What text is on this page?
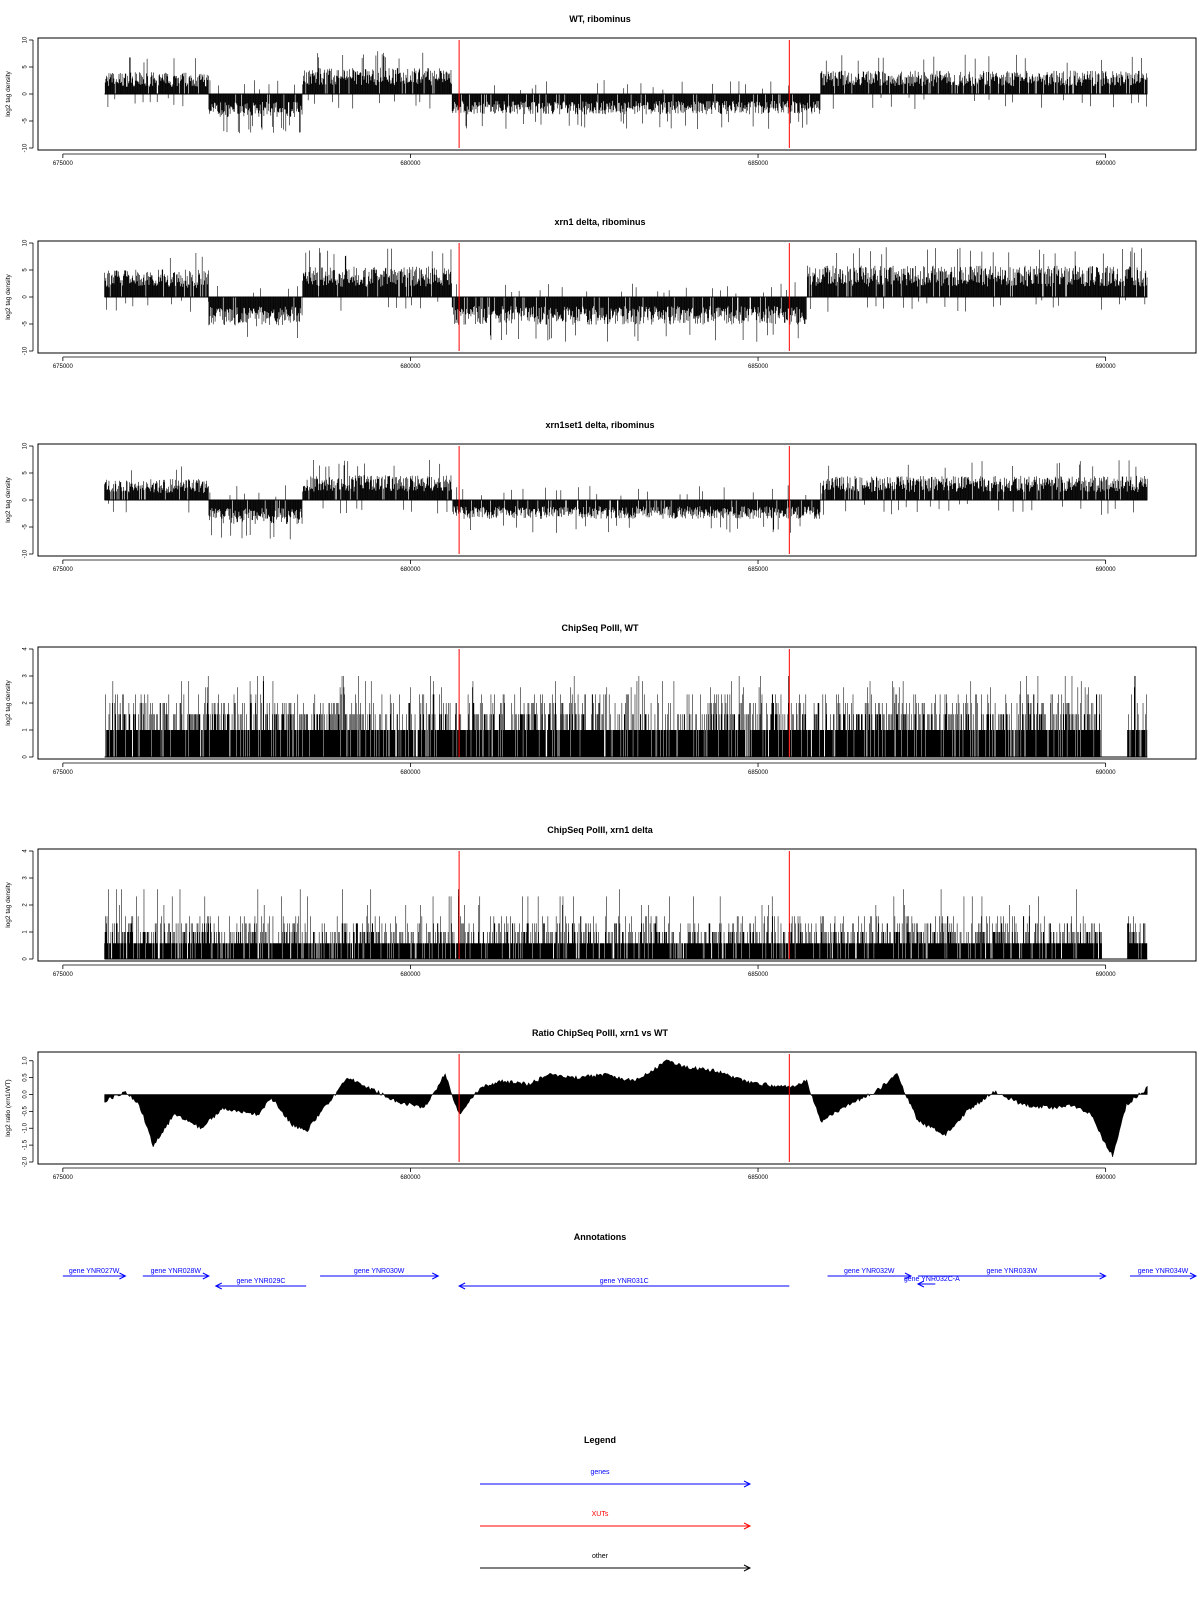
WT, ribominus
10
5
0
-5
-10
log2 tag density
675000	680000	685000	690000
xrn1 delta, ribominus
10
5
0
-5
-10
log2 tag density
675000	680000	685000	690000
xrn1set1 delta, ribominus
10
5
0
-5
-10
log2 tag density
675000	680000	685000	690000
ChipSeq PolII, WT
4
3
2
1
0
log2 tag density
675000	680000	685000	690000
ChipSeq PolII, xrn1 delta
4
3
2
1
0
log2 tag density
675000	680000	685000	690000
Ratio ChipSeq PolII, xrn1 vs WT
1.0
0.5
0.0
-0.5
-1.0
-1.5
-2.0
log2 ratio (xrn1/WT)
675000	680000	685000	690000
Annotations
gene YNR027W	gene YNR028W
gene YNR029C
gene YNR030W
gene YNR031C
gene YNR032W
gene YNR032C-A
gene YNR033W	gene YNR034W
Legend
genes
XUTs
other
